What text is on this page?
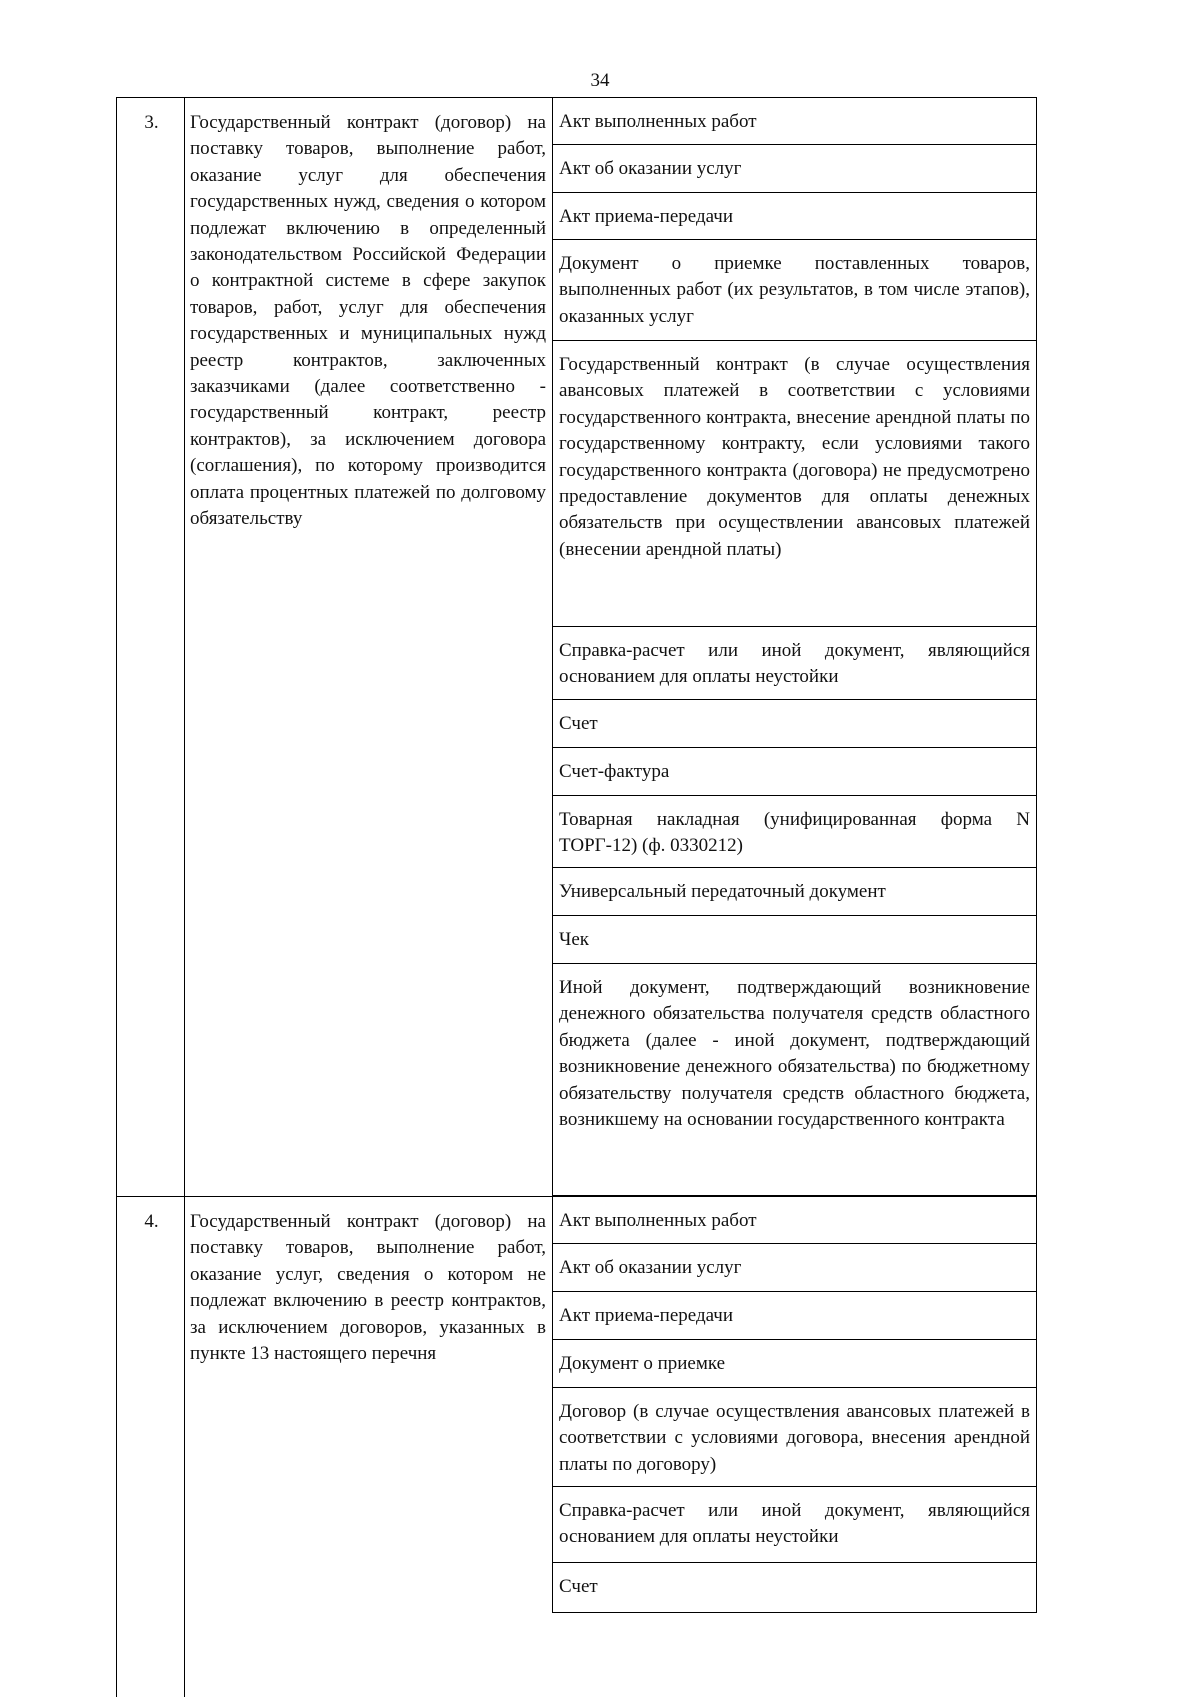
34
3.	Государственный контракт (договор) на поставку товаров, выполнение работ, оказание услуг для обеспечения государственных нужд, сведения о котором подлежат включению в определенный законодательством Российской Федерации о контрактной системе в сфере закупок товаров, работ, услуг для обеспечения государственных и муниципальных нужд реестр контрактов, заключенных заказчиками (далее соответственно - государственный контракт, реестр контрактов), за исключением договора (соглашения), по которому производится оплата процентных платежей по долговому обязательству
Акт выполненных работ
Акт об оказании услуг
Акт приема-передачи
Документ о приемке поставленных товаров, выполненных работ (их результатов, в том числе этапов), оказанных услуг
Государственный контракт (в случае осуществления авансовых платежей в соответствии с условиями государственного контракта, внесение арендной платы по государственному контракту, если условиями такого государственного контракта (договора) не предусмотрено предоставление документов для оплаты денежных обязательств при осуществлении авансовых платежей (внесении арендной платы)
Справка-расчет или иной документ, являющийся основанием для оплаты неустойки
Счет
Счет-фактура
Товарная накладная (унифицированная форма N ТОРГ-12) (ф. 0330212)
Универсальный передаточный документ
Чек
Иной документ, подтверждающий возникновение денежного обязательства получателя средств областного бюджета (далее - иной документ, подтверждающий возникновение денежного обязательства) по бюджетному обязательству получателя средств областного бюджета, возникшему на основании государственного контракта
4.	Государственный контракт (договор) на поставку товаров, выполнение работ, оказание услуг, сведения о котором не подлежат включению в реестр контрактов, за исключением договоров, указанных в пункте 13 настоящего перечня
Акт выполненных работ
Акт об оказании услуг
Акт приема-передачи
Документ о приемке
Договор (в случае осуществления авансовых платежей в соответствии с условиями договора, внесения арендной платы по договору)
Справка-расчет или иной документ, являющийся основанием для оплаты неустойки
Счет
